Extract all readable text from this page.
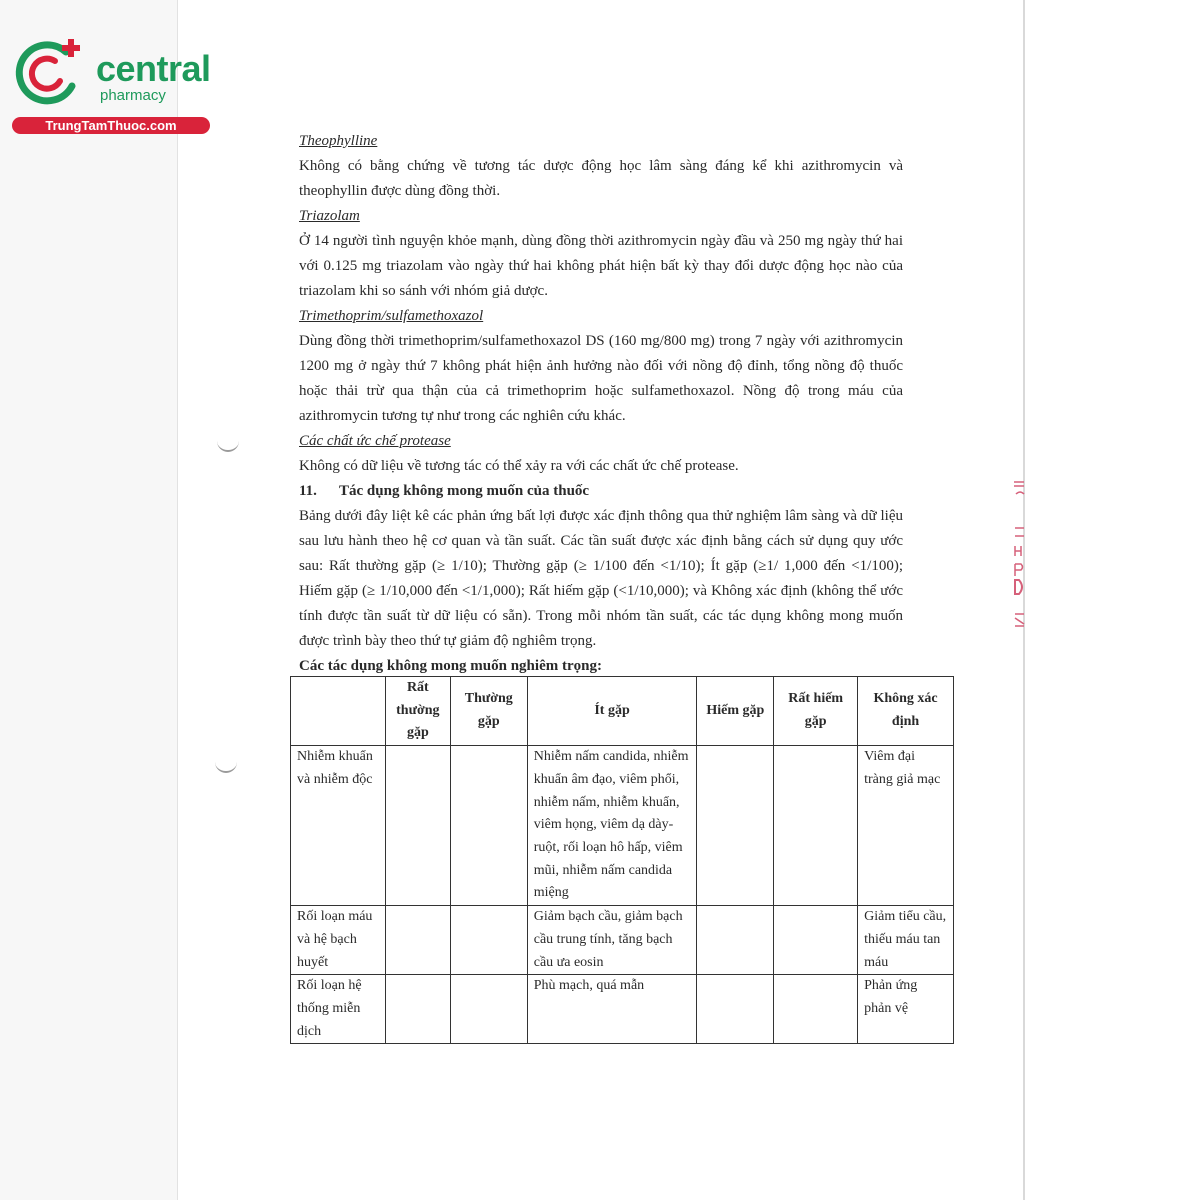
central
pharmacy
TrungTamThuoc.com

Theophylline

Không có bằng chứng về tương tác dược động học lâm sàng đáng kể khi azithromycin và theophyllin được dùng đồng thời.

Triazolam

Ở 14 người tình nguyện khỏe mạnh, dùng đồng thời azithromycin ngày đầu và 250 mg ngày thứ hai với 0.125 mg triazolam vào ngày thứ hai không phát hiện bất kỳ thay đổi dược động học nào của triazolam khi so sánh với nhóm giả dược.

Trimethoprim/sulfamethoxazol

Dùng đồng thời trimethoprim/sulfamethoxazol DS (160 mg/800 mg) trong 7 ngày với azithromycin 1200 mg ở ngày thứ 7 không phát hiện ảnh hưởng nào đối với nồng độ đỉnh, tổng nồng độ thuốc hoặc thải trừ qua thận của cả trimethoprim hoặc sulfamethoxazol. Nồng độ trong máu của azithromycin tương tự như trong các nghiên cứu khác.

Các chất ức chế protease

Không có dữ liệu về tương tác có thể xảy ra với các chất ức chế protease.

11. Tác dụng không mong muốn của thuốc

Bảng dưới đây liệt kê các phản ứng bất lợi được xác định thông qua thử nghiệm lâm sàng và dữ liệu sau lưu hành theo hệ cơ quan và tần suất. Các tần suất được xác định bằng cách sử dụng quy ước sau: Rất thường gặp (≥ 1/10); Thường gặp (≥ 1/100 đến <1/10); Ít gặp (≥1/ 1,000 đến <1/100); Hiếm gặp (≥ 1/10,000 đến <1/1,000); Rất hiếm gặp (<1/10,000); và Không xác định (không thể ước tính được tần suất từ dữ liệu có sẵn). Trong mỗi nhóm tần suất, các tác dụng không mong muốn được trình bày theo thứ tự giảm độ nghiêm trọng.

Các tác dụng không mong muốn nghiêm trọng:

	Rất thường gặp	Thường gặp	Ít gặp	Hiếm gặp	Rất hiếm gặp	Không xác định
Nhiễm khuẩn và nhiễm độc			Nhiễm nấm candida, nhiễm khuẩn âm đạo, viêm phổi, nhiễm nấm, nhiễm khuẩn, viêm họng, viêm dạ dày- ruột, rối loạn hô hấp, viêm mũi, nhiễm nấm candida miệng			Viêm đại tràng giả mạc
Rối loạn máu và hệ bạch huyết			Giảm bạch cầu, giảm bạch cầu trung tính, tăng bạch cầu ưa eosin			Giảm tiểu cầu, thiếu máu tan máu
Rối loạn hệ thống miễn dịch			Phù mạch, quá mẫn			Phản ứng phản vệ
